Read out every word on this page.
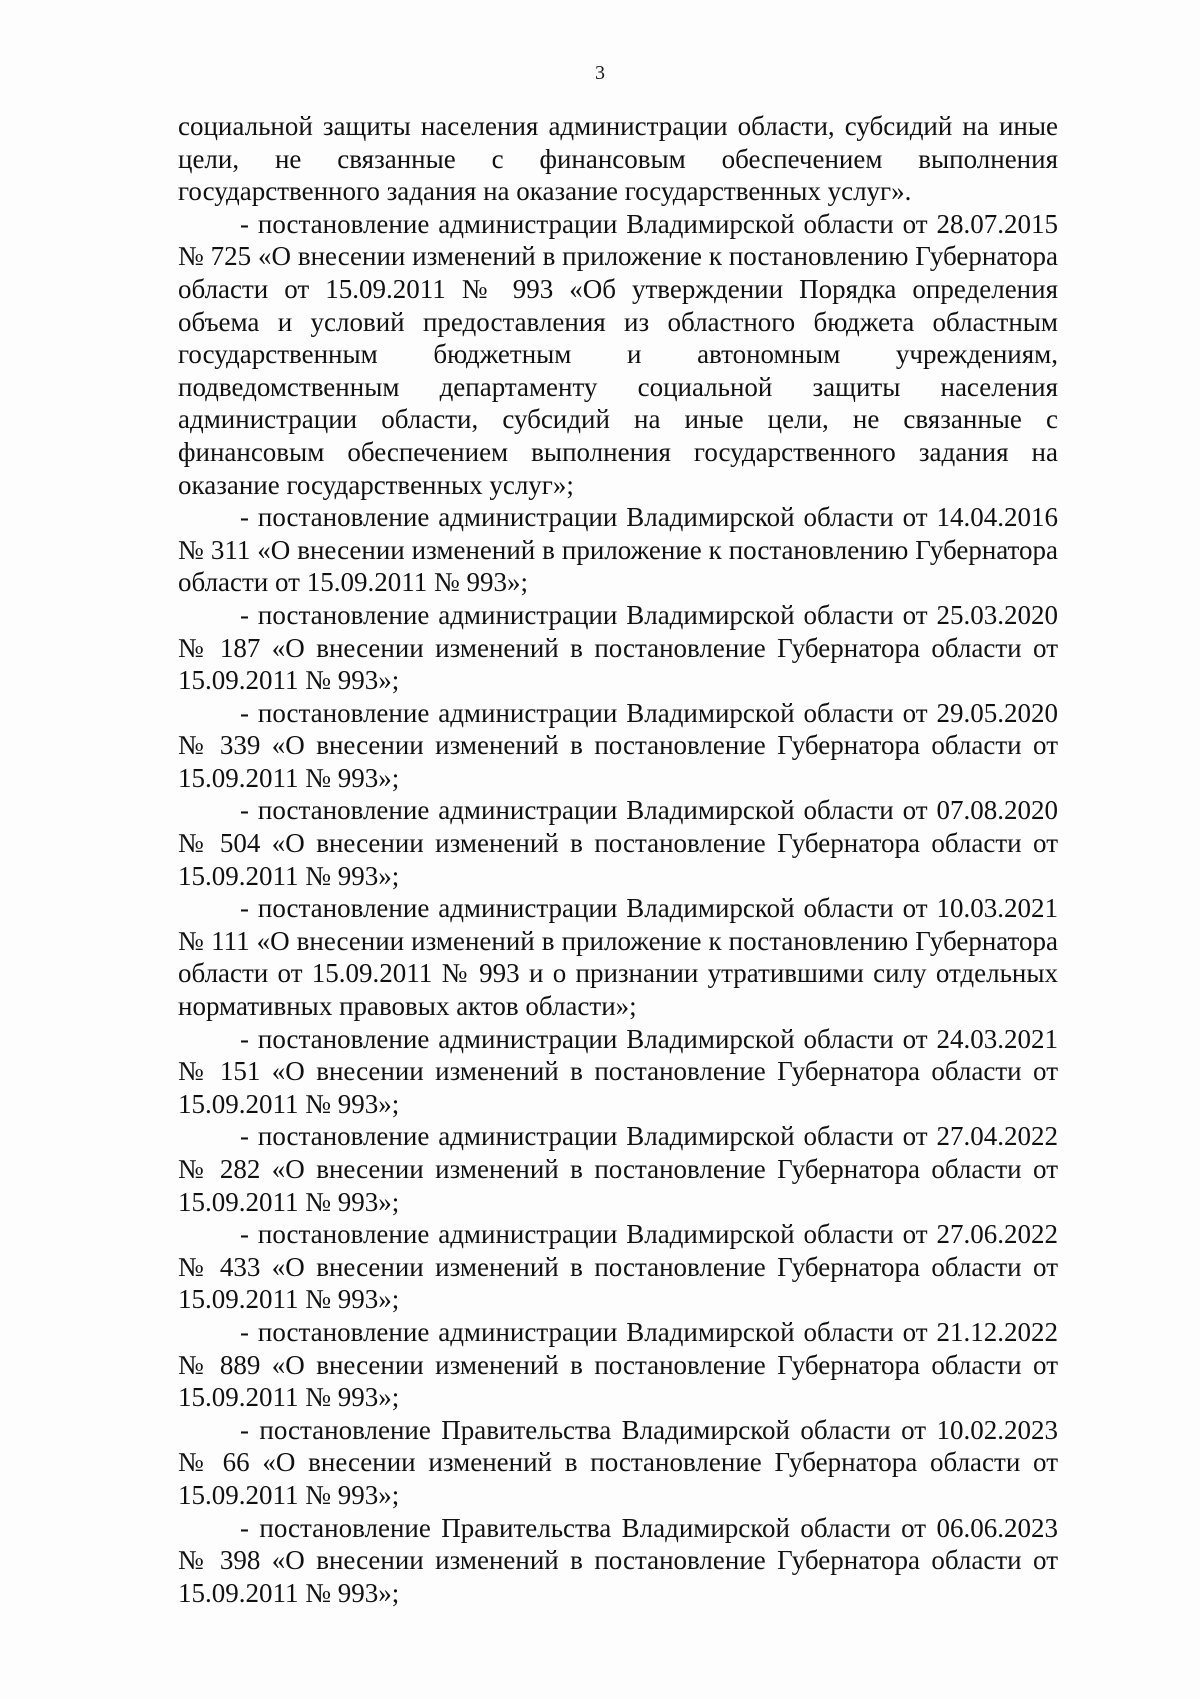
3

социальной защиты населения администрации области, субсидий на иные цели, не связанные с финансовым обеспечением выполнения государственного задания на оказание государственных услуг».

- постановление администрации Владимирской области от 28.07.2015 № 725 «О внесении изменений в приложение к постановлению Губернатора области от 15.09.2011 № 993 «Об утверждении Порядка определения объема и условий предоставления из областного бюджета областным государственным бюджетным и автономным учреждениям, подведомственным департаменту социальной защиты населения администрации области, субсидий на иные цели, не связанные с финансовым обеспечением выполнения государственного задания на оказание государственных услуг»;

- постановление администрации Владимирской области от 14.04.2016 № 311 «О внесении изменений в приложение к постановлению Губернатора области от 15.09.2011 № 993»;

- постановление администрации Владимирской области от 25.03.2020 № 187 «О внесении изменений в постановление Губернатора области от 15.09.2011 № 993»;

- постановление администрации Владимирской области от 29.05.2020 № 339 «О внесении изменений в постановление Губернатора области от 15.09.2011 № 993»;

- постановление администрации Владимирской области от 07.08.2020 № 504 «О внесении изменений в постановление Губернатора области от 15.09.2011 № 993»;

- постановление администрации Владимирской области от 10.03.2021 № 111 «О внесении изменений в приложение к постановлению Губернатора области от 15.09.2011 № 993 и о признании утратившими силу отдельных нормативных правовых актов области»;

- постановление администрации Владимирской области от 24.03.2021 № 151 «О внесении изменений в постановление Губернатора области от 15.09.2011 № 993»;

- постановление администрации Владимирской области от 27.04.2022 № 282 «О внесении изменений в постановление Губернатора области от 15.09.2011 № 993»;

- постановление администрации Владимирской области от 27.06.2022 № 433 «О внесении изменений в постановление Губернатора области от 15.09.2011 № 993»;

- постановление администрации Владимирской области от 21.12.2022 № 889 «О внесении изменений в постановление Губернатора области от 15.09.2011 № 993»;

- постановление Правительства Владимирской области от 10.02.2023 № 66 «О внесении изменений в постановление Губернатора области от 15.09.2011 № 993»;

- постановление Правительства Владимирской области от 06.06.2023 № 398 «О внесении изменений в постановление Губернатора области от 15.09.2011 № 993»;
